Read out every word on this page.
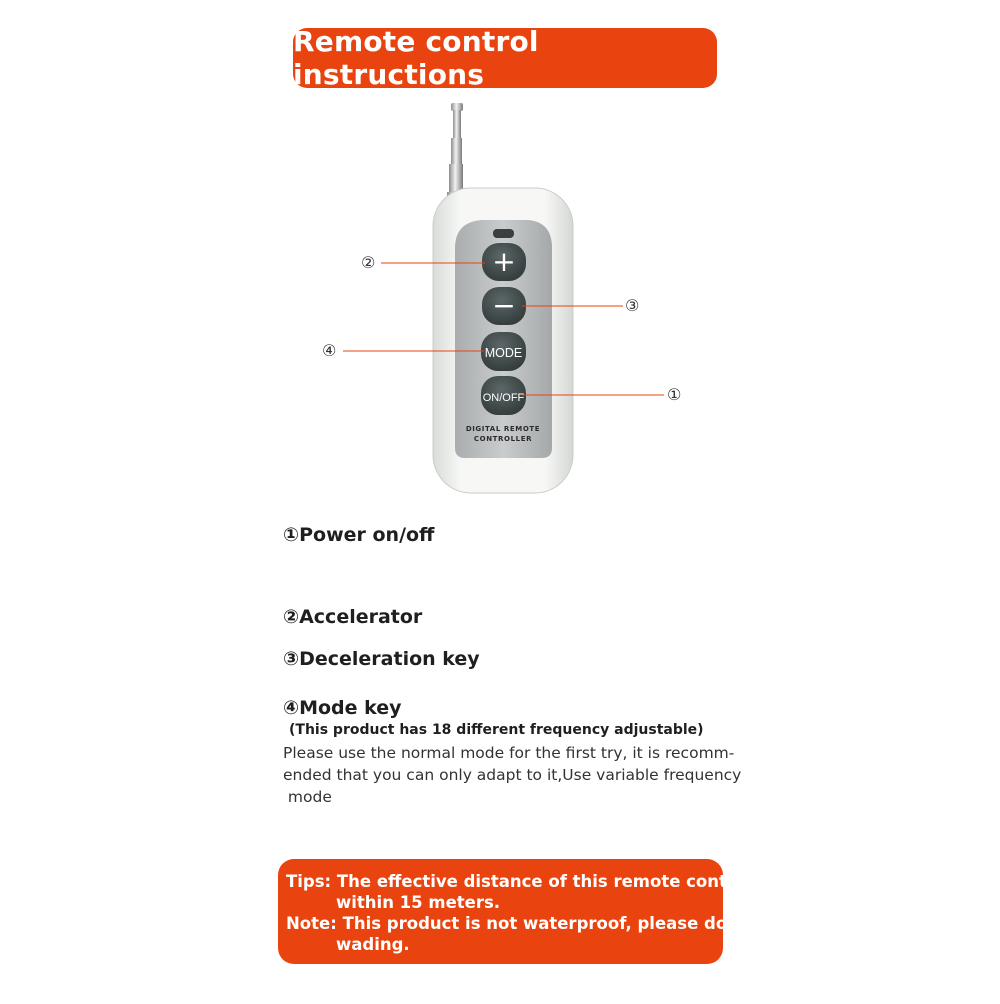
Remote control instructions
+
−
MODE
ON/OFF
DIGITAL REMOTE
CONTROLLER
②
③
④
①
①Power on/off
②Accelerator
③Deceleration key
④Mode key
(This product has 18 different frequency adjustable)
Please use the normal mode for the first try, it is recomm-
ended that you can only adapt to it,Use variable frequency
mode
Tips: The effective distance of this remote control is
within 15 meters.
Note: This product is not waterproof, please do not
wading.
